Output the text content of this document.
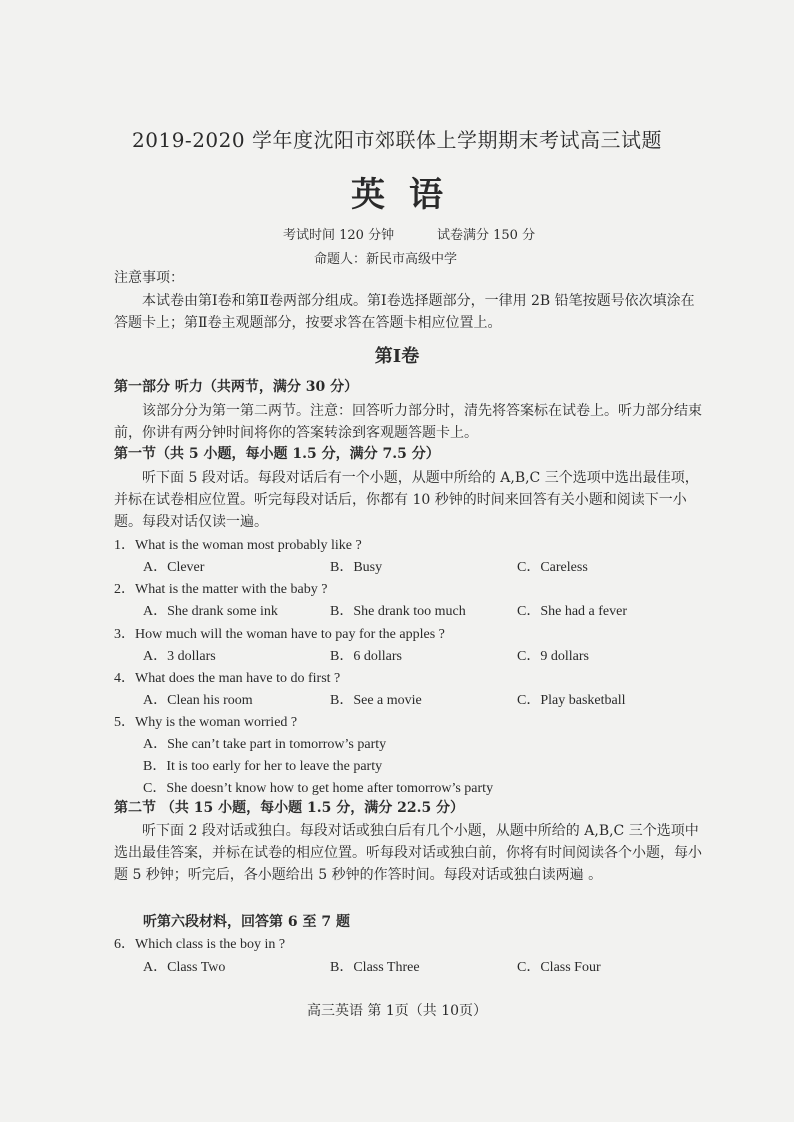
2019-2020 学年度沈阳市郊联体上学期期末考试高三试题
英语
考试时间 120 分钟	试卷满分 150 分
命题人：新民市高级中学
注意事项：
本试卷由第Ⅰ卷和第Ⅱ卷两部分组成。第Ⅰ卷选择题部分，一律用 2B 铅笔按题号依次填涂在答题卡上；第Ⅱ卷主观题部分，按要求答在答题卡相应位置上。
第Ⅰ卷
第一部分 听力（共两节，满分 30 分）
该部分分为第一第二两节。注意：回答听力部分时，清先将答案标在试卷上。听力部分结束前，你讲有两分钟时间将你的答案转涂到客观题答题卡上。
第一节（共 5 小题，每小题 1.5 分，满分 7.5 分）
听下面 5 段对话。每段对话后有一个小题，从题中所给的 A,B,C 三个选项中选出最佳项，并标在试卷相应位置。听完每段对话后，你都有 10 秒钟的时间来回答有关小题和阅读下一小题。每段对话仅读一遍。
1．What is the woman most probably like ?
A．Clever	B．Busy	C．Careless
2．What is the matter with the baby ?
A．She drank some ink	B．She drank too much	C．She had a fever
3．How much will the woman have to pay for the apples ?
A．3 dollars	B．6 dollars	C．9 dollars
4．What does the man have to do first ?
A．Clean his room	B．See a movie	C．Play basketball
5．Why is the woman worried ?
A．She can’t take part in tomorrow’s party
B．It is too early for her to leave the party
C．She doesn’t know how to get home after tomorrow’s party
第二节 （共 15 小题，每小题 1.5 分，满分 22.5 分）
听下面 2 段对话或独白。每段对话或独白后有几个小题，从题中所给的 A,B,C 三个选项中选出最佳答案，并标在试卷的相应位置。听每段对话或独白前，你将有时间阅读各个小题，每小题 5 秒钟；听完后，各小题给出 5 秒钟的作答时间。每段对话或独白读两遍 。
听第六段材料，回答第 6 至 7 题
6．Which class is the boy in ?
A．Class Two	B．Class Three	C．Class Four
高三英语 第 1页（共 10页）
